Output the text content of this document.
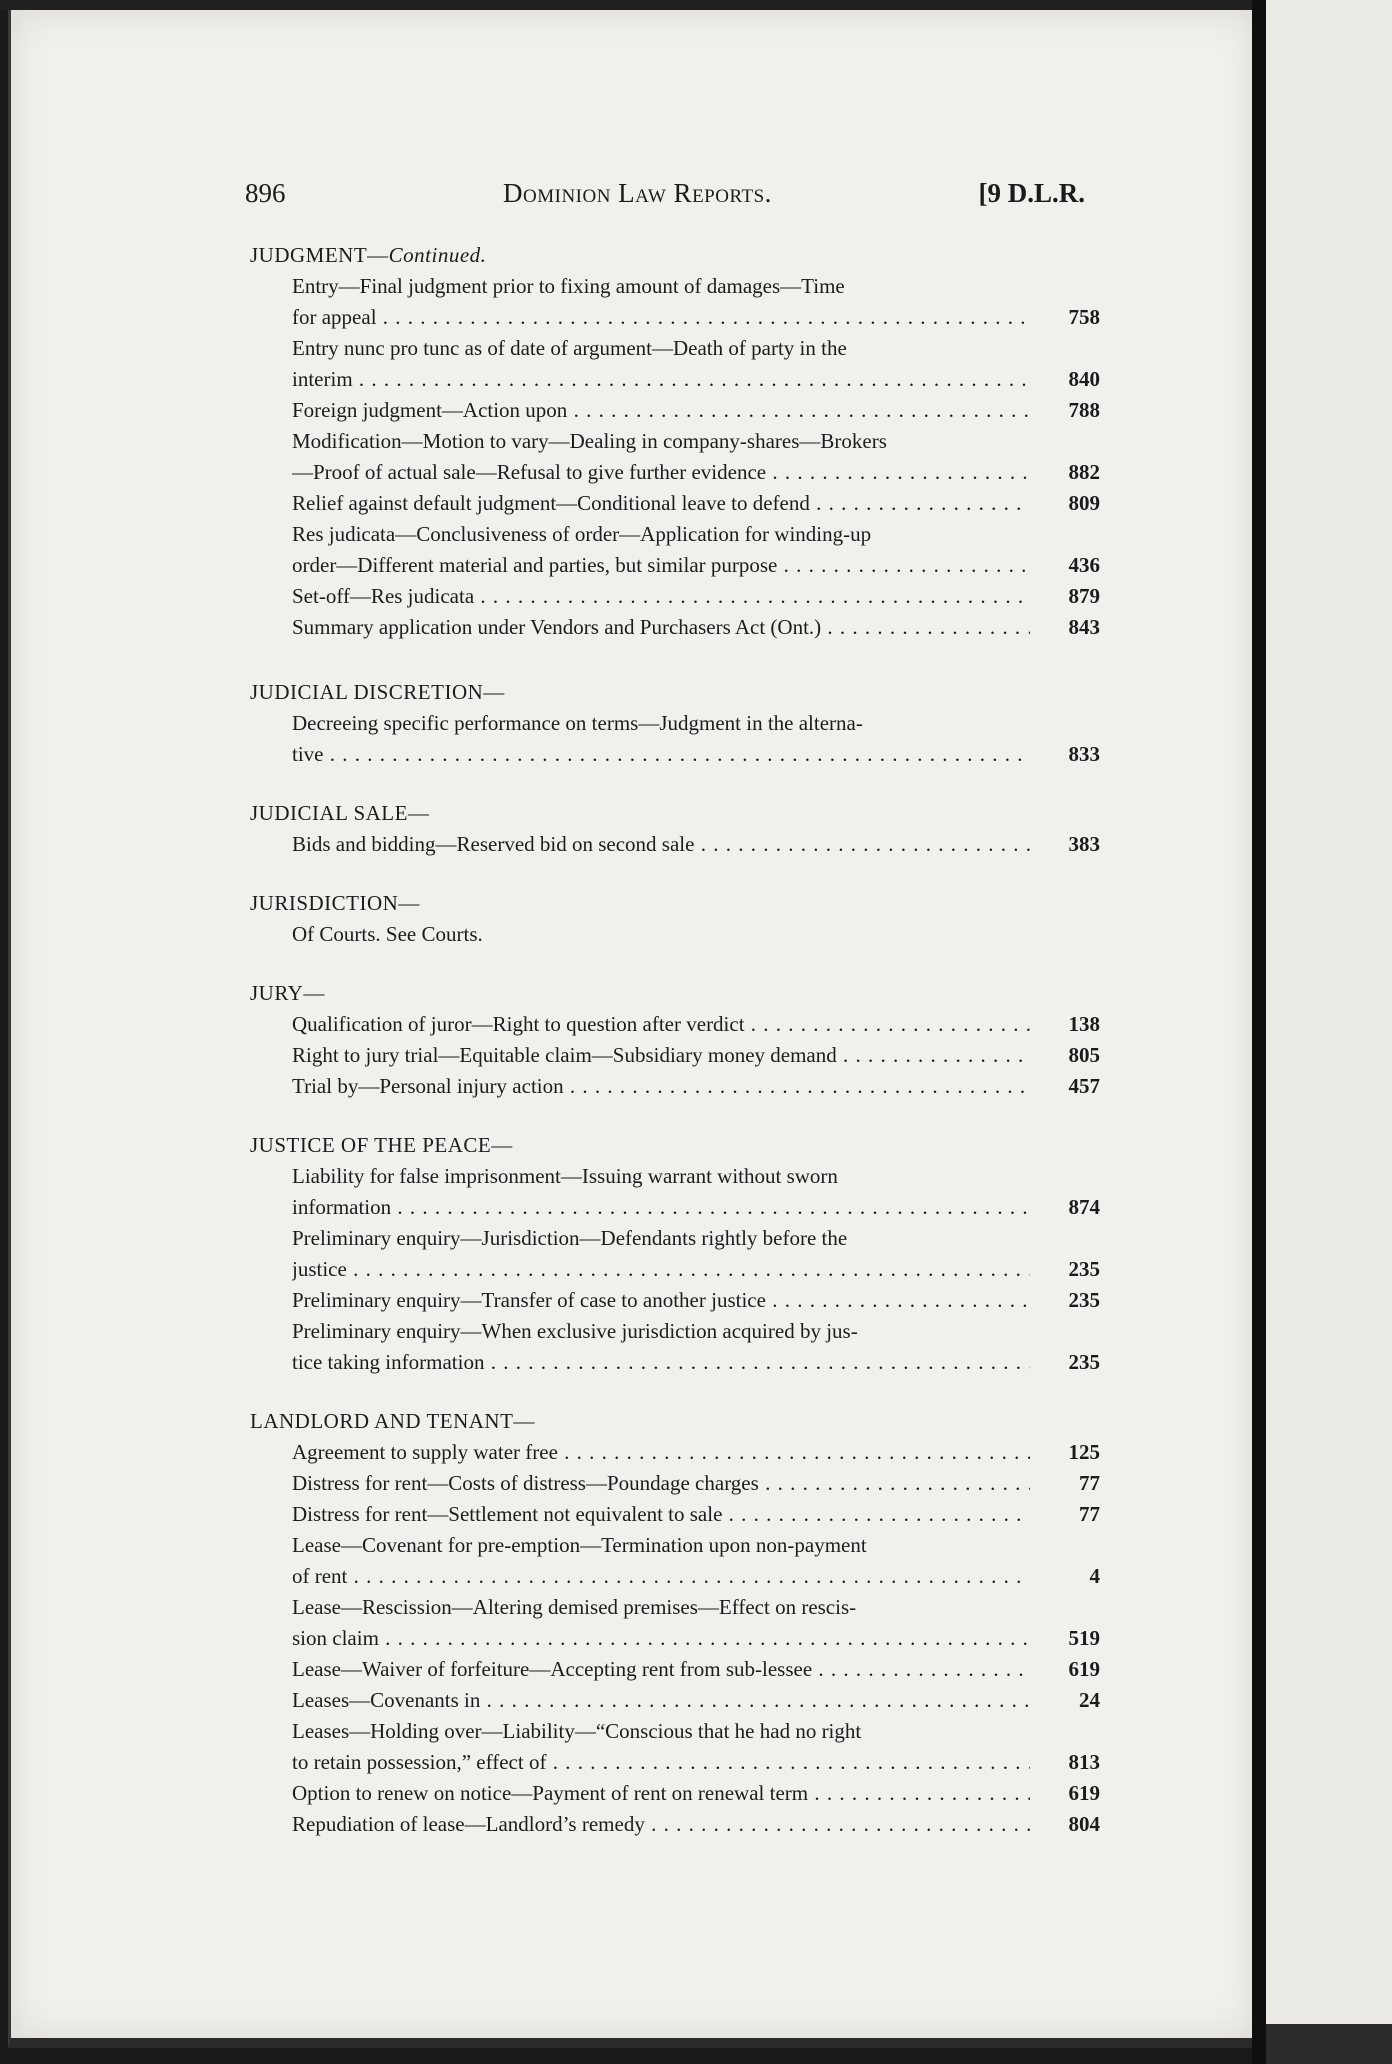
896	Dominion Law Reports.	[9 D.L.R.
JUDGMENT—Continued.
Entry—Final judgment prior to fixing amount of damages—Time
for appeal . . .	758
Entry nunc pro tunc as of date of argument—Death of party in the
interim . . .	840
Foreign judgment—Action upon . . .	788
Modification—Motion to vary—Dealing in company-shares—Brokers
—Proof of actual sale—Refusal to give further evidence . . .	882
Relief against default judgment—Conditional leave to defend . . .	809
Res judicata—Conclusiveness of order—Application for winding-up
order—Different material and parties, but similar purpose . . .	436
Set-off—Res judicata . . .	879
Summary application under Vendors and Purchasers Act (Ont.) . . .	843
JUDICIAL DISCRETION—
Decreeing specific performance on terms—Judgment in the alterna-
tive . . .	833
JUDICIAL SALE—
Bids and bidding—Reserved bid on second sale . . .	383
JURISDICTION—
Of Courts. See Courts.
JURY—
Qualification of juror—Right to question after verdict . . .	138
Right to jury trial—Equitable claim—Subsidiary money demand . . .	805
Trial by—Personal injury action . . .	457
JUSTICE OF THE PEACE—
Liability for false imprisonment—Issuing warrant without sworn
information . . .	874
Preliminary enquiry—Jurisdiction—Defendants rightly before the
justice . . .	235
Preliminary enquiry—Transfer of case to another justice . . .	235
Preliminary enquiry—When exclusive jurisdiction acquired by jus-
tice taking information . . .	235
LANDLORD AND TENANT—
Agreement to supply water free . . .	125
Distress for rent—Costs of distress—Poundage charges . . .	77
Distress for rent—Settlement not equivalent to sale . . .	77
Lease—Covenant for pre-emption—Termination upon non-payment
of rent . . .	4
Lease—Rescission—Altering demised premises—Effect on rescis-
sion claim . . .	519
Lease—Waiver of forfeiture—Accepting rent from sub-lessee . . .	619
Leases—Covenants in . . .	24
Leases—Holding over—Liability—“Conscious that he had no right
to retain possession,” effect of . . .	813
Option to renew on notice—Payment of rent on renewal term . . .	619
Repudiation of lease—Landlord’s remedy . . .	804
